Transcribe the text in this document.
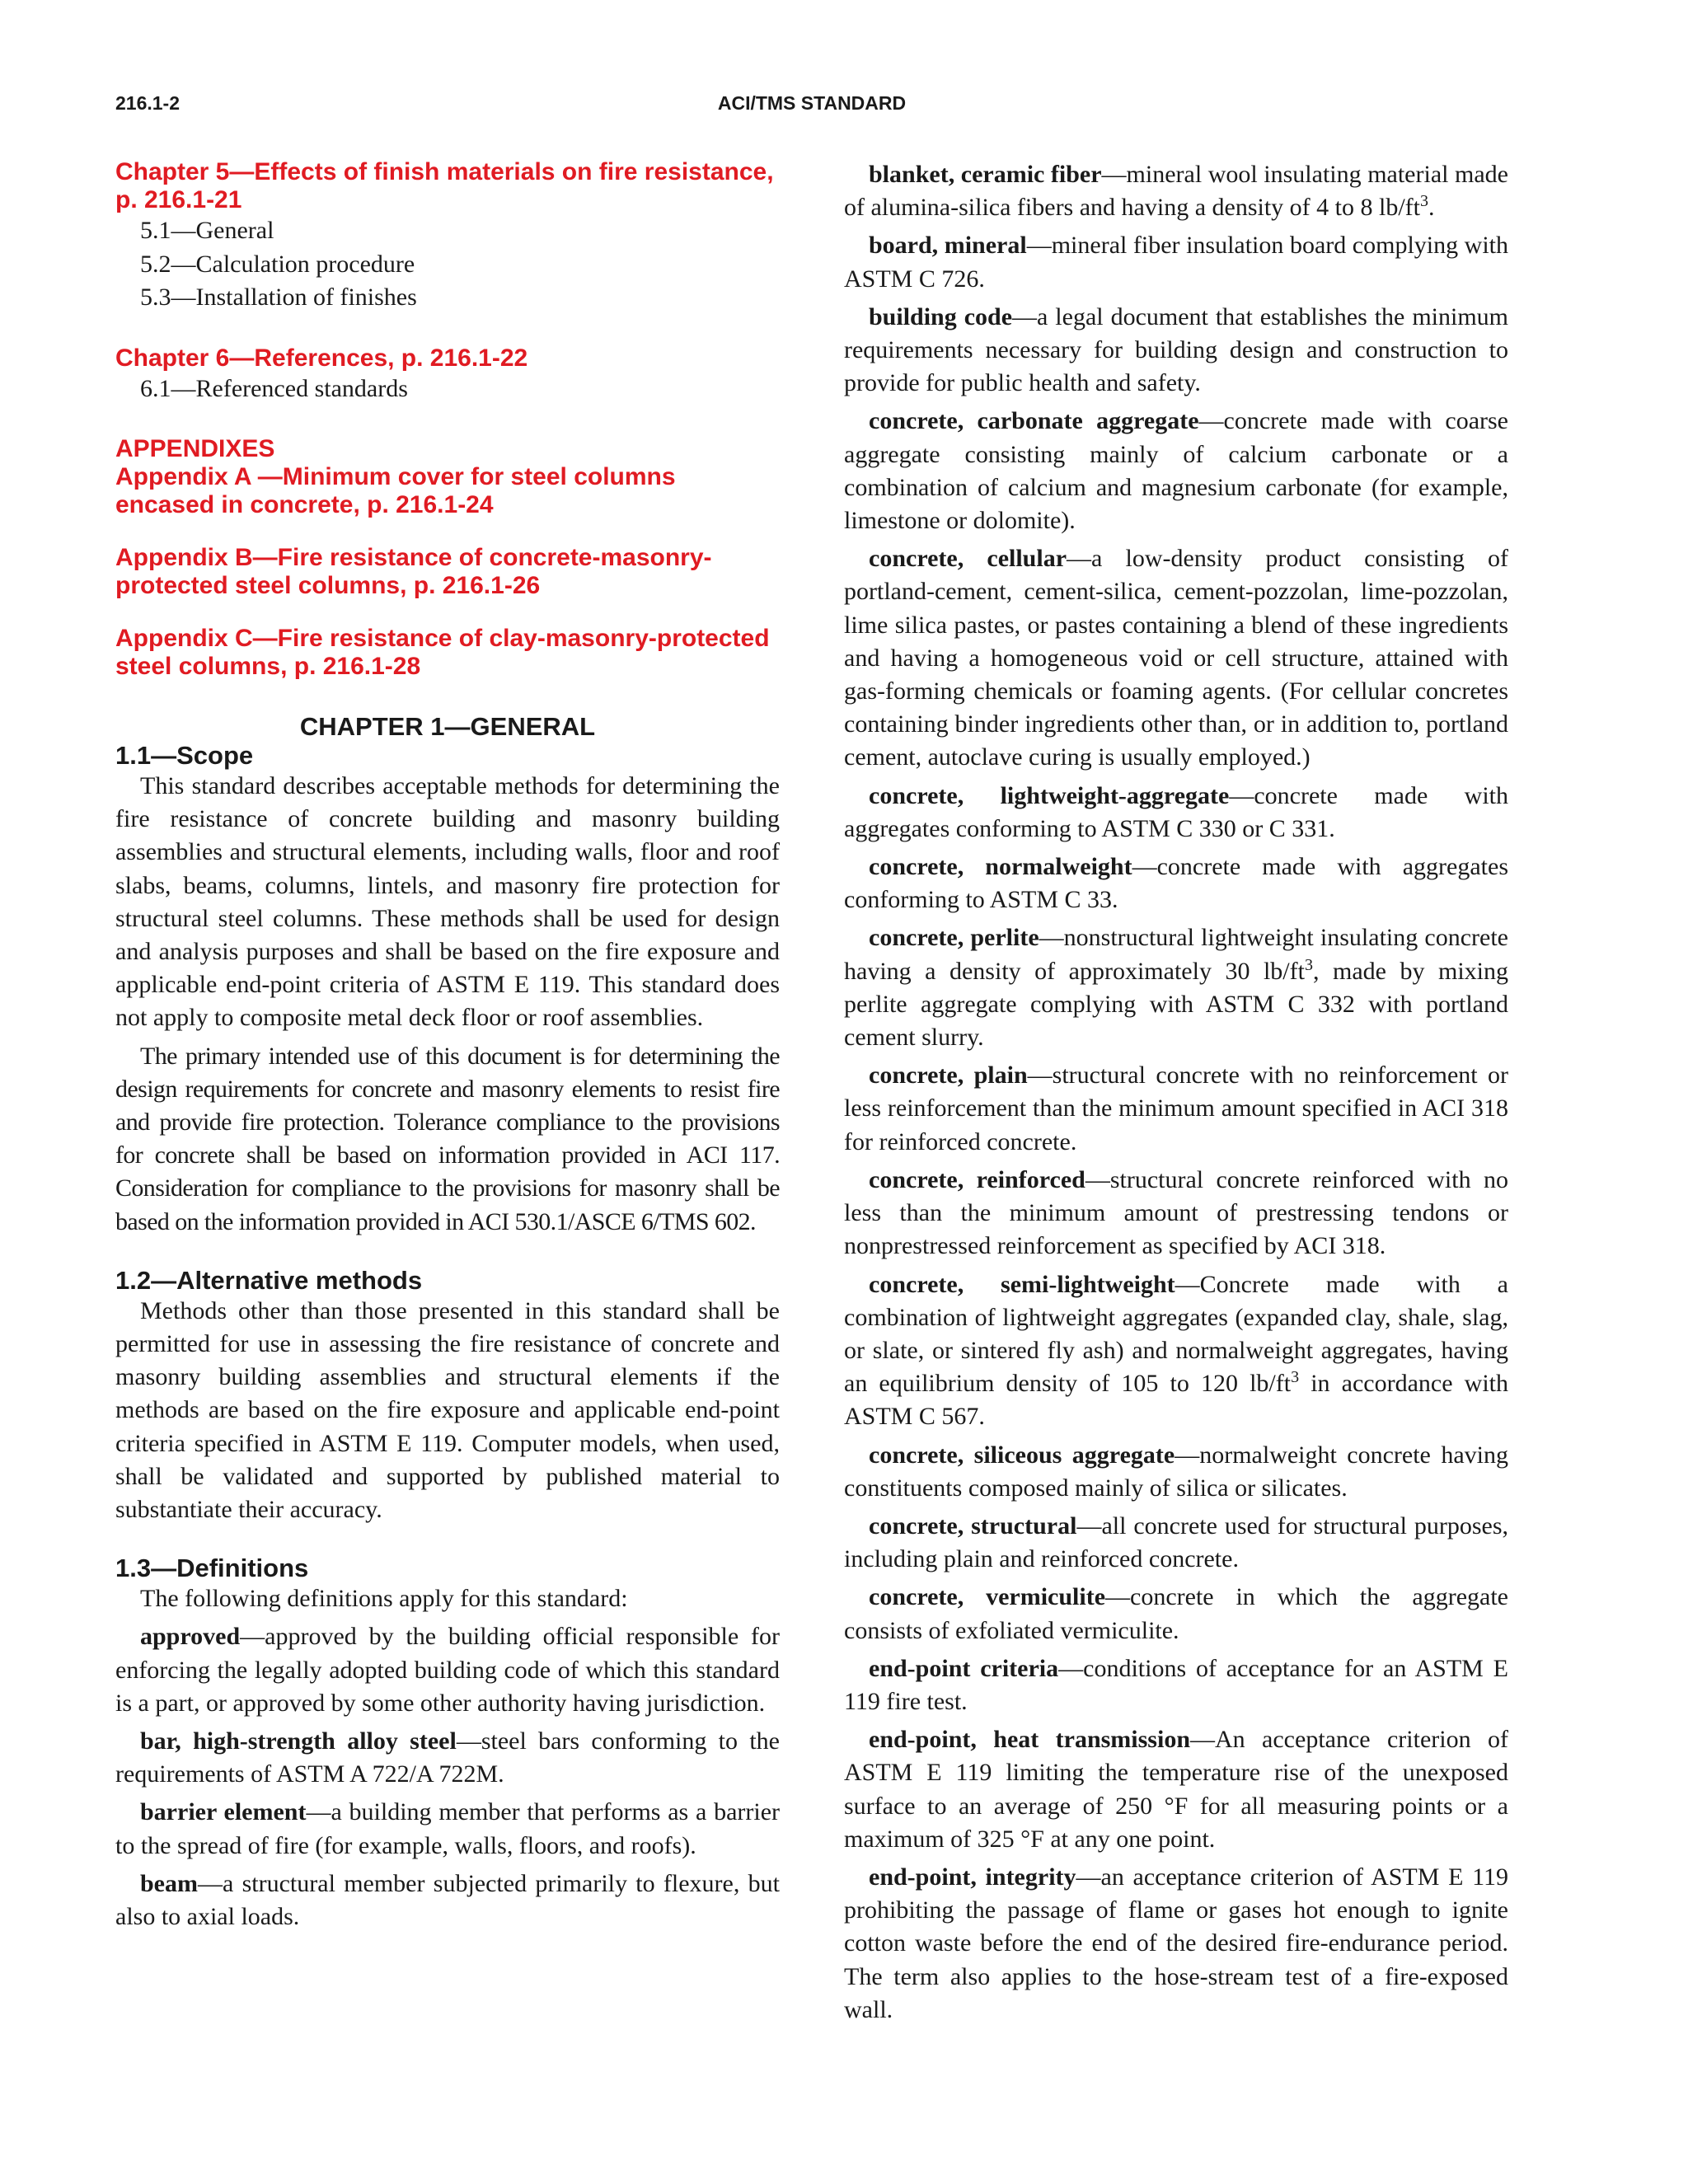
216.1-2	ACI/TMS STANDARD
Chapter 5—Effects of finish materials on fire resistance, p. 216.1-21
5.1—General
5.2—Calculation procedure
5.3—Installation of finishes
Chapter 6—References, p. 216.1-22
6.1—Referenced standards
APPENDIXES
Appendix A —Minimum cover for steel columns encased in concrete, p. 216.1-24
Appendix B—Fire resistance of concrete-masonry-protected steel columns, p. 216.1-26
Appendix C—Fire resistance of clay-masonry-protected steel columns, p. 216.1-28
CHAPTER 1—GENERAL
1.1—Scope

This standard describes acceptable methods for determining the fire resistance of concrete building and masonry building assemblies and structural elements, including walls, floor and roof slabs, beams, columns, lintels, and masonry fire protection for structural steel columns. These methods shall be used for design and analysis purposes and shall be based on the fire exposure and applicable end-point criteria of ASTM E 119. This standard does not apply to composite metal deck floor or roof assemblies.

The primary intended use of this document is for determining the design requirements for concrete and masonry elements to resist fire and provide fire protection. Tolerance compliance to the provisions for concrete shall be based on information provided in ACI 117. Consideration for compliance to the provisions for masonry shall be based on the information provided in ACI 530.1/ASCE 6/TMS 602.

1.2—Alternative methods

Methods other than those presented in this standard shall be permitted for use in assessing the fire resistance of concrete and masonry building assemblies and structural elements if the methods are based on the fire exposure and applicable end-point criteria specified in ASTM E 119. Computer models, when used, shall be validated and supported by published material to substantiate their accuracy.

1.3—Definitions

The following definitions apply for this standard:

approved—approved by the building official responsible for enforcing the legally adopted building code of which this standard is a part, or approved by some other authority having jurisdiction.

bar, high-strength alloy steel—steel bars conforming to the requirements of ASTM A 722/A 722M.

barrier element—a building member that performs as a barrier to the spread of fire (for example, walls, floors, and roofs).

beam—a structural member subjected primarily to flexure, but also to axial loads.

blanket, ceramic fiber—mineral wool insulating material made of alumina-silica fibers and having a density of 4 to 8 $lb/ft^3$.

board, mineral—mineral fiber insulation board complying with ASTM C 726.

building code—a legal document that establishes the minimum requirements necessary for building design and construction to provide for public health and safety.

concrete, carbonate aggregate—concrete made with coarse aggregate consisting mainly of calcium carbonate or a combination of calcium and magnesium carbonate (for example, limestone or dolomite).

concrete, cellular—a low-density product consisting of portland-cement, cement-silica, cement-pozzolan, lime-pozzolan, lime silica pastes, or pastes containing a blend of these ingredients and having a homogeneous void or cell structure, attained with gas-forming chemicals or foaming agents. (For cellular concretes containing binder ingredients other than, or in addition to, portland cement, autoclave curing is usually employed.)

concrete, lightweight-aggregate—concrete made with aggregates conforming to ASTM C 330 or C 331.

concrete, normalweight—concrete made with aggregates conforming to ASTM C 33.

concrete, perlite—nonstructural lightweight insulating concrete having a density of approximately 30 $lb/ft^3$, made by mixing perlite aggregate complying with ASTM C 332 with portland cement slurry.

concrete, plain—structural concrete with no reinforcement or less reinforcement than the minimum amount specified in ACI 318 for reinforced concrete.

concrete, reinforced—structural concrete reinforced with no less than the minimum amount of prestressing tendons or nonprestressed reinforcement as specified by ACI 318.

concrete, semi-lightweight—Concrete made with a combination of lightweight aggregates (expanded clay, shale, slag, or slate, or sintered fly ash) and normalweight aggregates, having an equilibrium density of 105 to 120 $lb/ft^3$ in accordance with ASTM C 567.

concrete, siliceous aggregate—normalweight concrete having constituents composed mainly of silica or silicates.

concrete, structural—all concrete used for structural purposes, including plain and reinforced concrete.

concrete, vermiculite—concrete in which the aggregate consists of exfoliated vermiculite.

end-point criteria—conditions of acceptance for an ASTM E 119 fire test.

end-point, heat transmission—An acceptance criterion of ASTM E 119 limiting the temperature rise of the unexposed surface to an average of 250 °F for all measuring points or a maximum of 325 °F at any one point.

end-point, integrity—an acceptance criterion of ASTM E 119 prohibiting the passage of flame or gases hot enough to ignite cotton waste before the end of the desired fire-endurance period. The term also applies to the hose-stream test of a fire-exposed wall.
